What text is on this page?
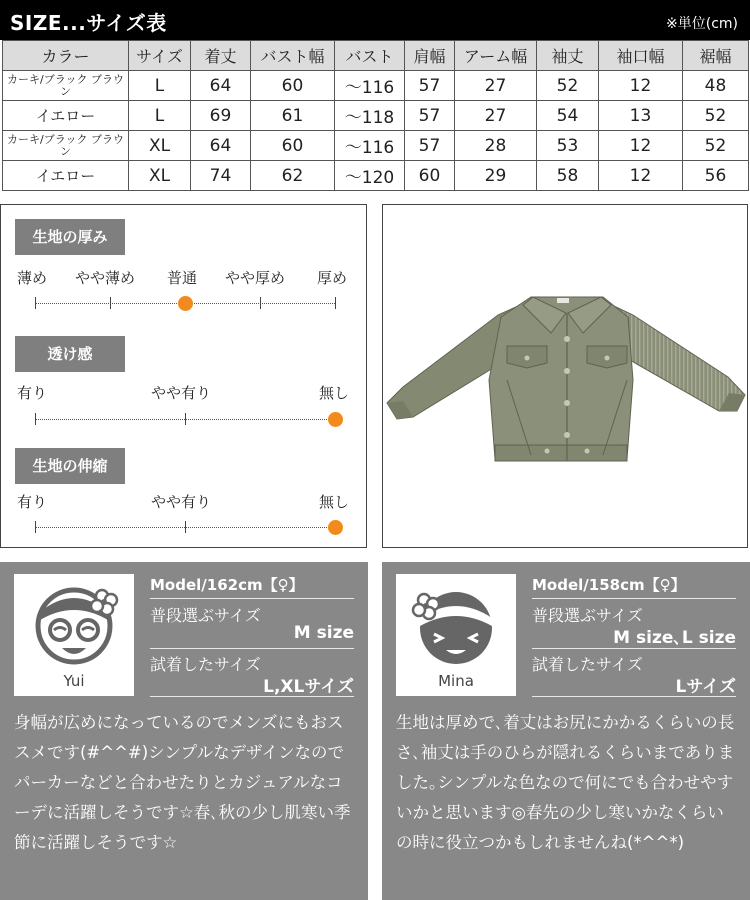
SIZE...サイズ表	※単位(cm)
カラー	サイズ	着丈	バスト幅	バスト	肩幅	アーム幅	袖丈	袖口幅	裾幅
カーキ/ブラック ブラウン	L	64	60	～116	57	27	52	12	48
イエロー	L	69	61	～118	57	27	54	13	52
カーキ/ブラック ブラウン	XL	64	60	～116	57	28	53	12	52
イエロー	XL	74	62	～120	60	29	58	12	56
生地の厚み
薄め やや薄め 普通 やや厚め 厚め
透け感
有り	やや有り	無し
生地の伸縮
有り	やや有り	無し
Yui
Model/162cm【♀】
普段選ぶサイズ
M size
試着したサイズ
L,XLサイズ
身幅が広めになっているのでメンズにもおススメです(#^^#)シンプルなデザインなのでパーカーなどと合わせたりとカジュアルなコーデに活躍しそうです☆春､秋の少し肌寒い季節に活躍しそうです☆
Mina
Model/158cm【♀】
普段選ぶサイズ
M size､L size
試着したサイズ
Lサイズ
生地は厚めで､着丈はお尻にかかるくらいの長さ､袖丈は手のひらが隠れるくらいまでありました｡シンプルな色なので何にでも合わせやすいかと思います◎春先の少し寒いかなくらいの時に役立つかもしれませんね(*^^*)
